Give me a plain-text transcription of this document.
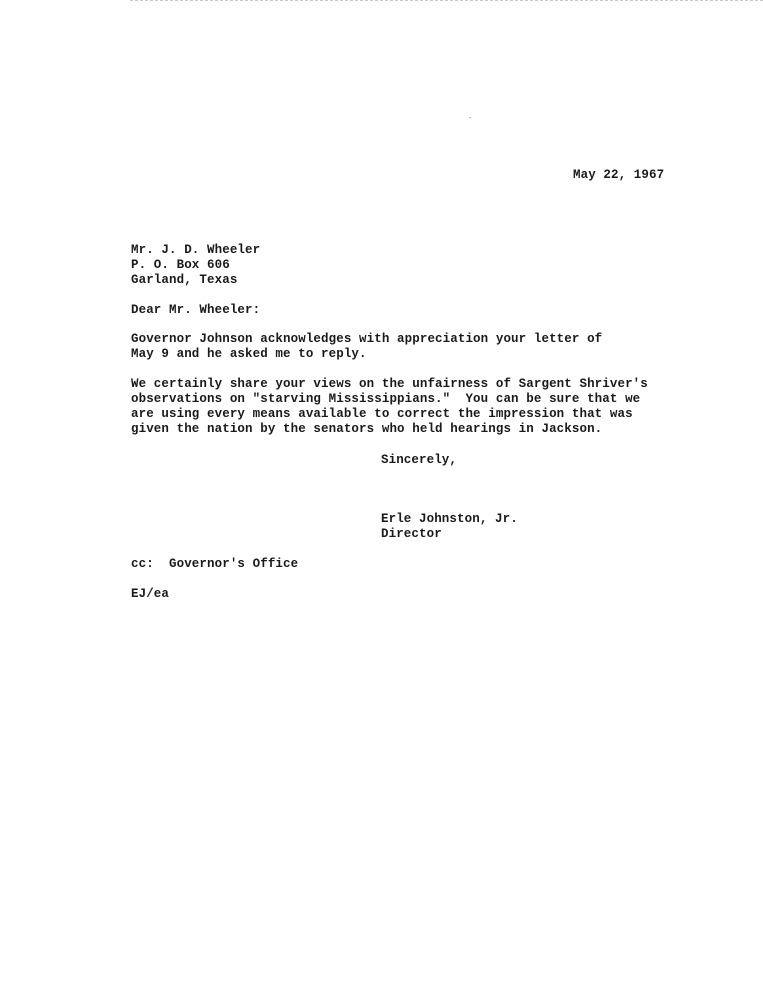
May 22, 1967
Mr. J. D. Wheeler
P. O. Box 606
Garland, Texas
Dear Mr. Wheeler:
Governor Johnson acknowledges with appreciation your letter of
May 9 and he asked me to reply.
We certainly share your views on the unfairness of Sargent Shriver's
observations on "starving Mississippians."  You can be sure that we
are using every means available to correct the impression that was
given the nation by the senators who held hearings in Jackson.
Sincerely,
Erle Johnston, Jr.
Director
cc:  Governor's Office
EJ/ea
